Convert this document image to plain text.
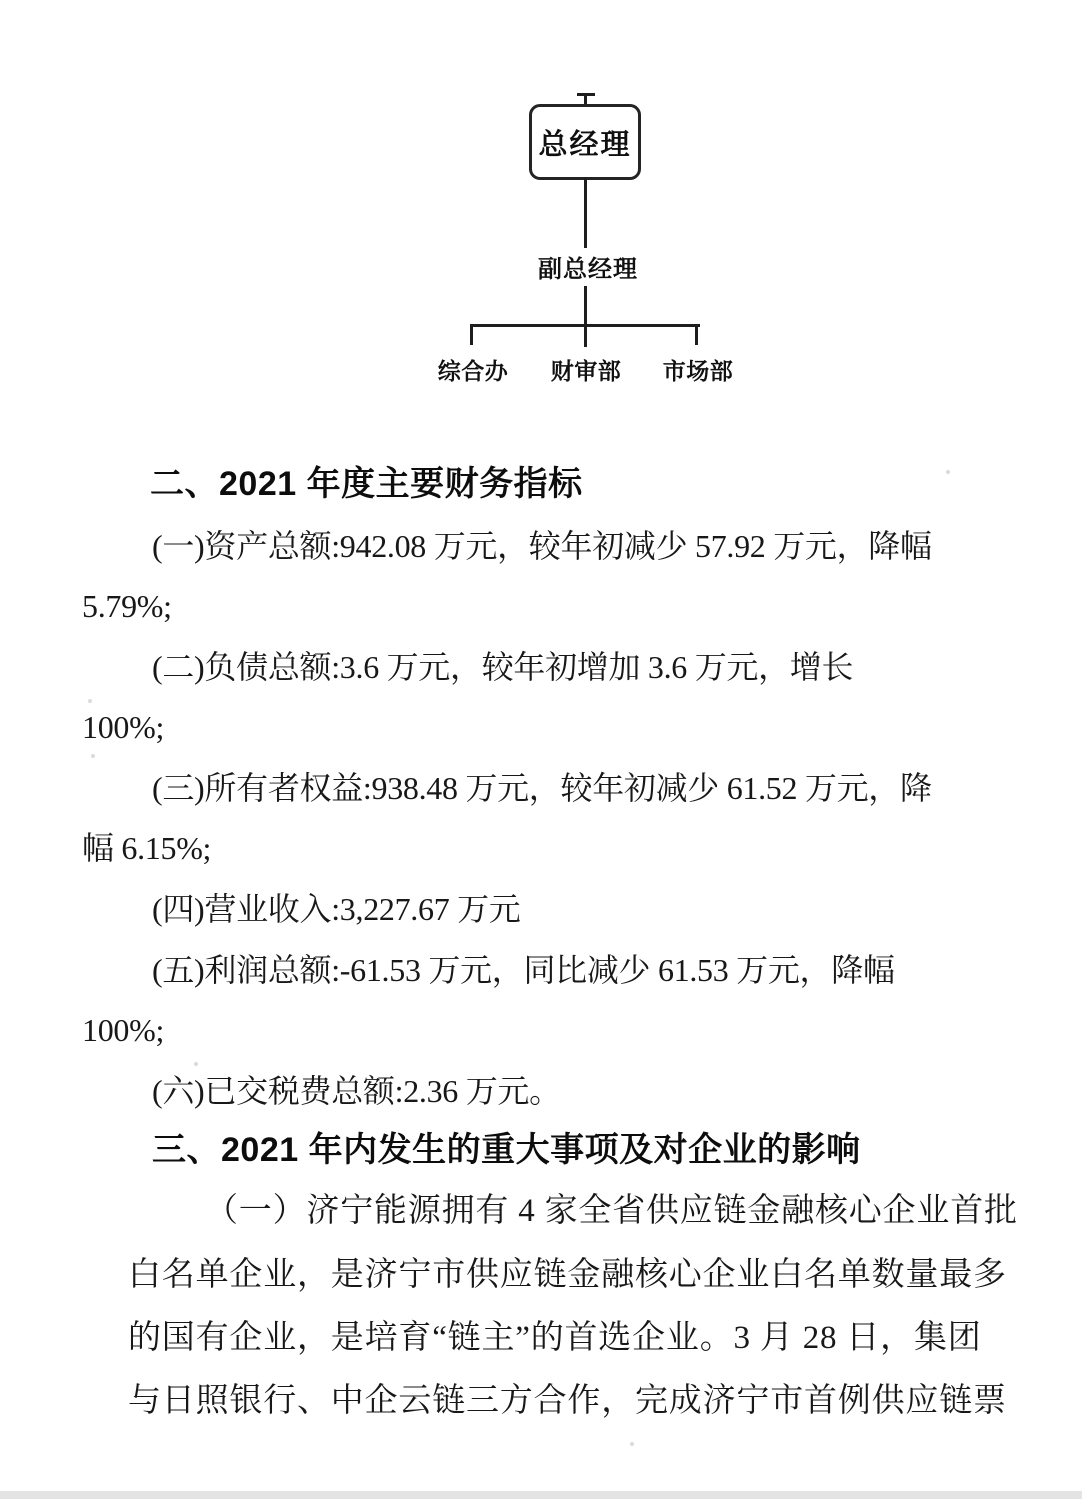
总经理
副总经理
综合办 财审部 市场部
二、2021 年度主要财务指标
(一)资产总额:942.08 万元，较年初减少 57.92 万元，降幅
5.79%;
(二)负债总额:3.6 万元，较年初增加 3.6 万元，增长
100%;
(三)所有者权益:938.48 万元，较年初减少 61.52 万元，降
幅 6.15%;
(四)营业收入:3,227.67 万元
(五)利润总额:-61.53 万元，同比减少 61.53 万元，降幅
100%;
(六)已交税费总额:2.36 万元。
三、2021 年内发生的重大事项及对企业的影响
（一）济宁能源拥有 4 家全省供应链金融核心企业首批
白名单企业，是济宁市供应链金融核心企业白名单数量最多
的国有企业，是培育“链主”的首选企业。3 月 28 日，集团
与日照银行、中企云链三方合作，完成济宁市首例供应链票
